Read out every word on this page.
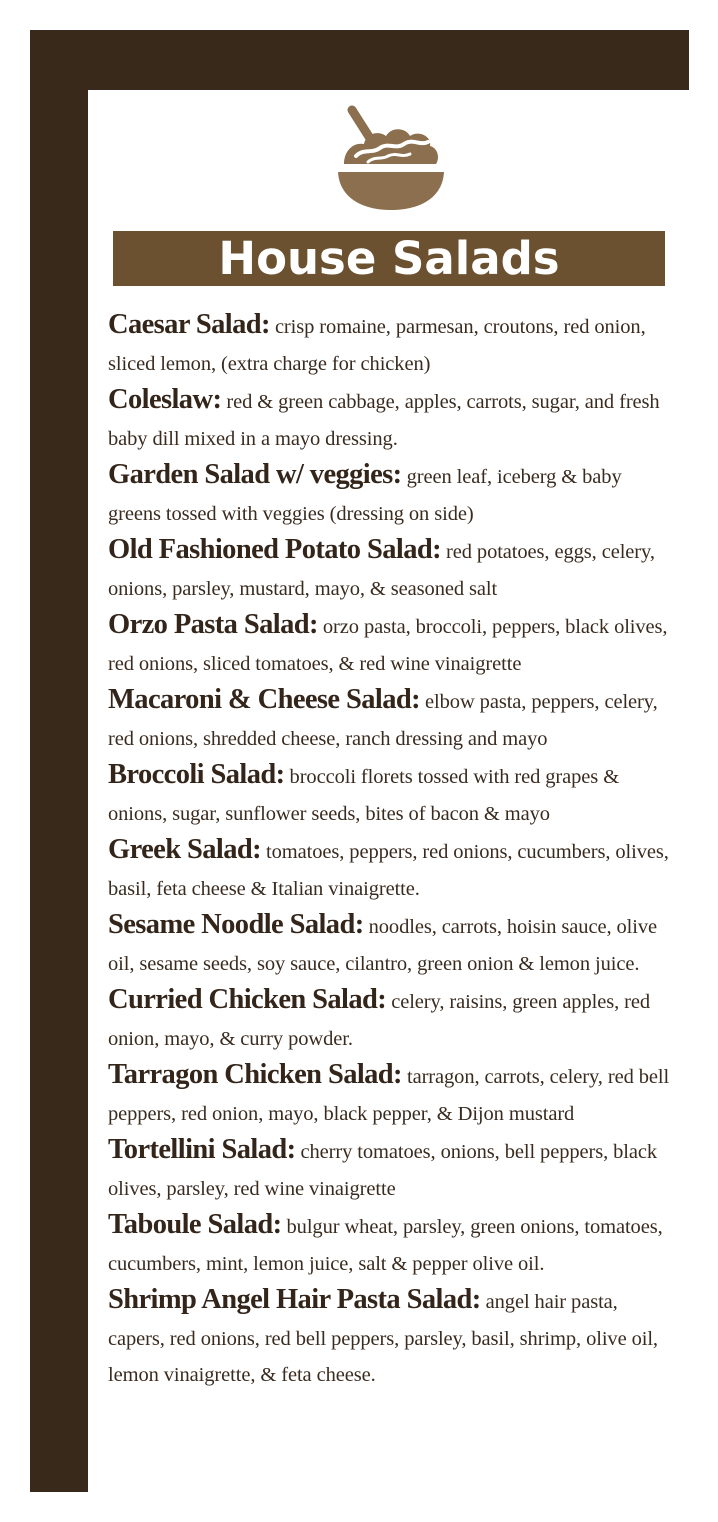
House Salads

Caesar Salad: crisp romaine, parmesan, croutons, red onion, sliced lemon, (extra charge for chicken)

Coleslaw: red & green cabbage, apples, carrots, sugar, and fresh baby dill mixed in a mayo dressing.

Garden Salad w/ veggies: green leaf, iceberg & baby greens tossed with veggies (dressing on side)

Old Fashioned Potato Salad: red potatoes, eggs, celery, onions, parsley, mustard, mayo, & seasoned salt

Orzo Pasta Salad: orzo pasta, broccoli, peppers, black olives, red onions, sliced tomatoes, & red wine vinaigrette

Macaroni & Cheese Salad: elbow pasta, peppers, celery, red onions, shredded cheese, ranch dressing and mayo

Broccoli Salad: broccoli florets tossed with red grapes & onions, sugar, sunflower seeds, bites of bacon & mayo

Greek Salad: tomatoes, peppers, red onions, cucumbers, olives, basil, feta cheese & Italian vinaigrette.

Sesame Noodle Salad: noodles, carrots, hoisin sauce, olive oil, sesame seeds, soy sauce, cilantro, green onion & lemon juice.

Curried Chicken Salad: celery, raisins, green apples, red onion, mayo, & curry powder.

Tarragon Chicken Salad: tarragon, carrots, celery, red bell peppers, red onion, mayo, black pepper, & Dijon mustard

Tortellini Salad: cherry tomatoes, onions, bell peppers, black olives, parsley, red wine vinaigrette

Taboule Salad: bulgur wheat, parsley, green onions, tomatoes, cucumbers, mint, lemon juice, salt & pepper olive oil.

Shrimp Angel Hair Pasta Salad: angel hair pasta, capers, red onions, red bell peppers, parsley, basil, shrimp, olive oil, lemon vinaigrette, & feta cheese.
